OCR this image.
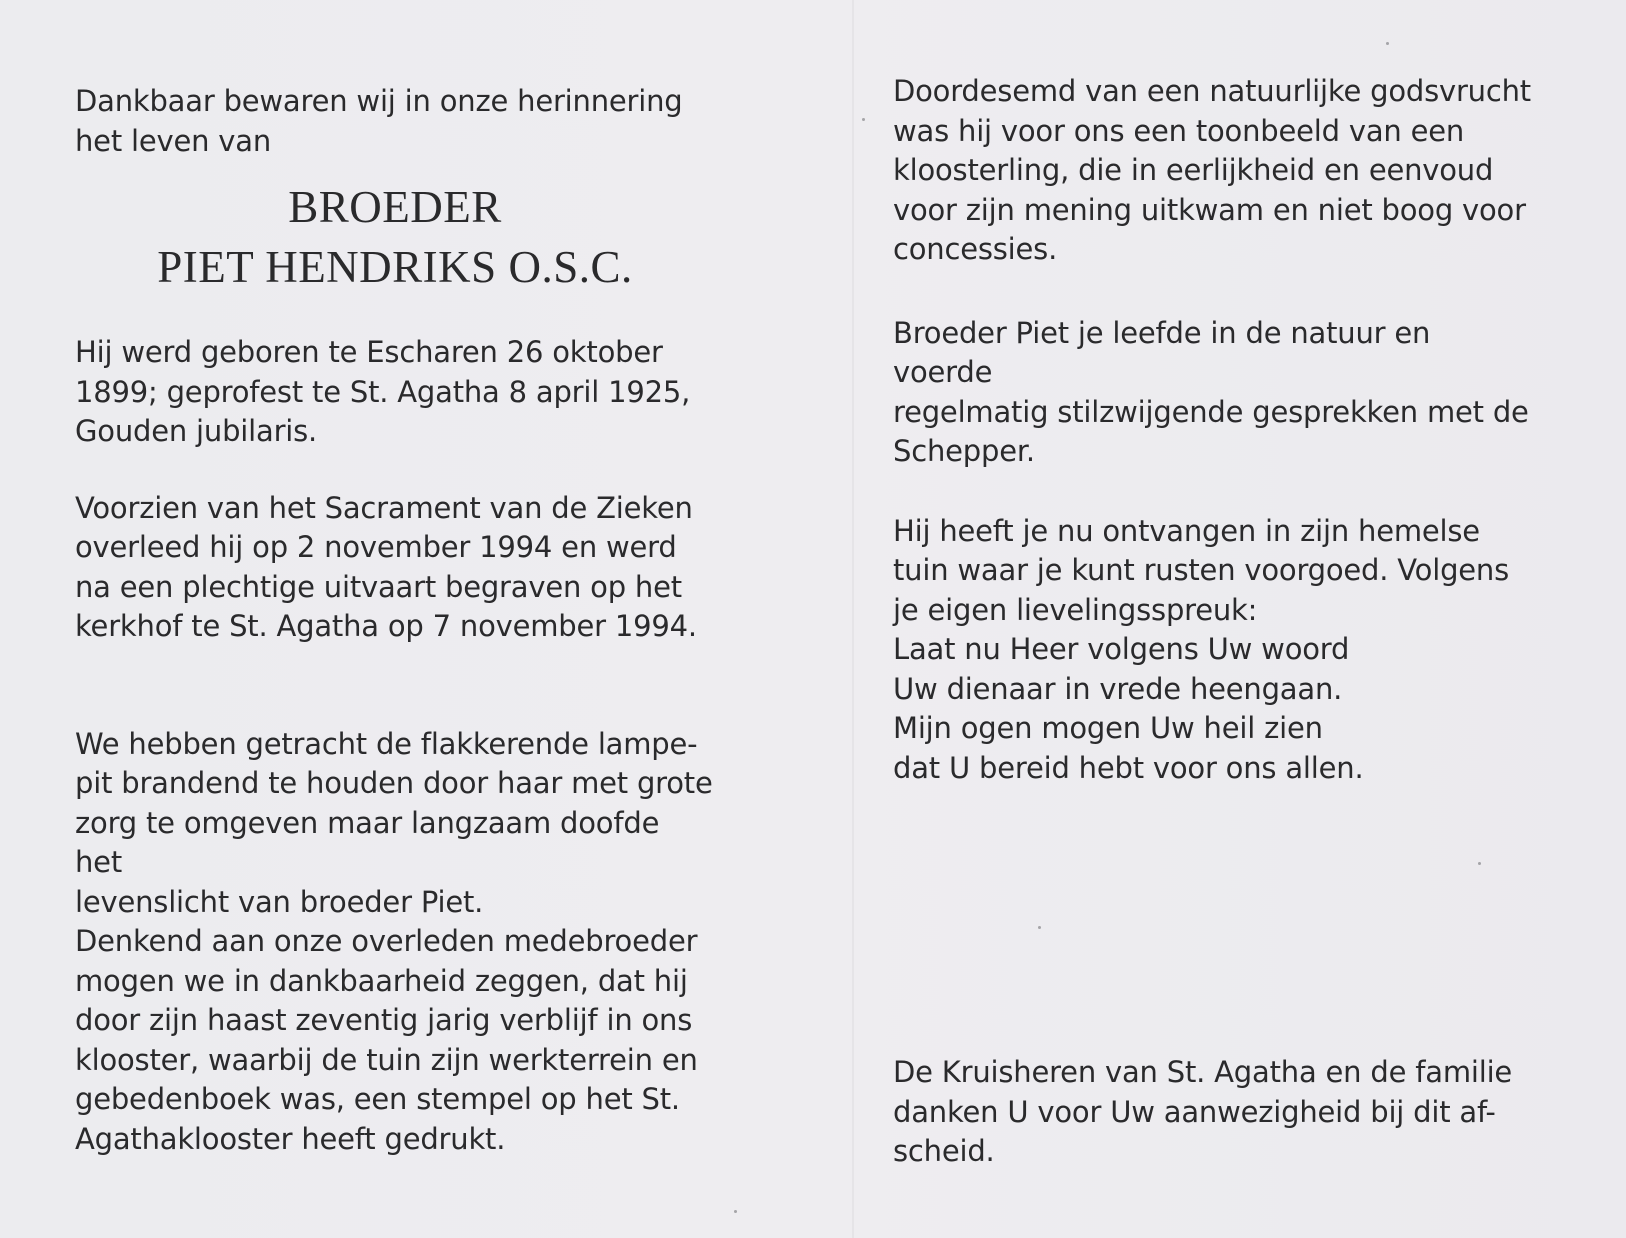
Dankbaar bewaren wij in onze herinnering
het leven van

BROEDER
PIET HENDRIKS O.S.C.

Hij werd geboren te Escharen 26 oktober
1899; geprofest te St. Agatha 8 april 1925,
Gouden jubilaris.

Voorzien van het Sacrament van de Zieken
overleed hij op 2 november 1994 en werd
na een plechtige uitvaart begraven op het
kerkhof te St. Agatha op 7 november 1994.

We hebben getracht de flakkerende lampe-
pit brandend te houden door haar met grote
zorg te omgeven maar langzaam doofde het
levenslicht van broeder Piet.
Denkend aan onze overleden medebroeder
mogen we in dankbaarheid zeggen, dat hij
door zijn haast zeventig jarig verblijf in ons
klooster, waarbij de tuin zijn werkterrein en
gebedenboek was, een stempel op het St.
Agathaklooster heeft gedrukt.

Doordesemd van een natuurlijke godsvrucht
was hij voor ons een toonbeeld van een
kloosterling, die in eerlijkheid en eenvoud
voor zijn mening uitkwam en niet boog voor
concessies.

Broeder Piet je leefde in de natuur en voerde
regelmatig stilzwijgende gesprekken met de
Schepper.

Hij heeft je nu ontvangen in zijn hemelse
tuin waar je kunt rusten voorgoed. Volgens
je eigen lievelingsspreuk:
Laat nu Heer volgens Uw woord
Uw dienaar in vrede heengaan.
Mijn ogen mogen Uw heil zien
dat U bereid hebt voor ons allen.

De Kruisheren van St. Agatha en de familie
danken U voor Uw aanwezigheid bij dit af-
scheid.
